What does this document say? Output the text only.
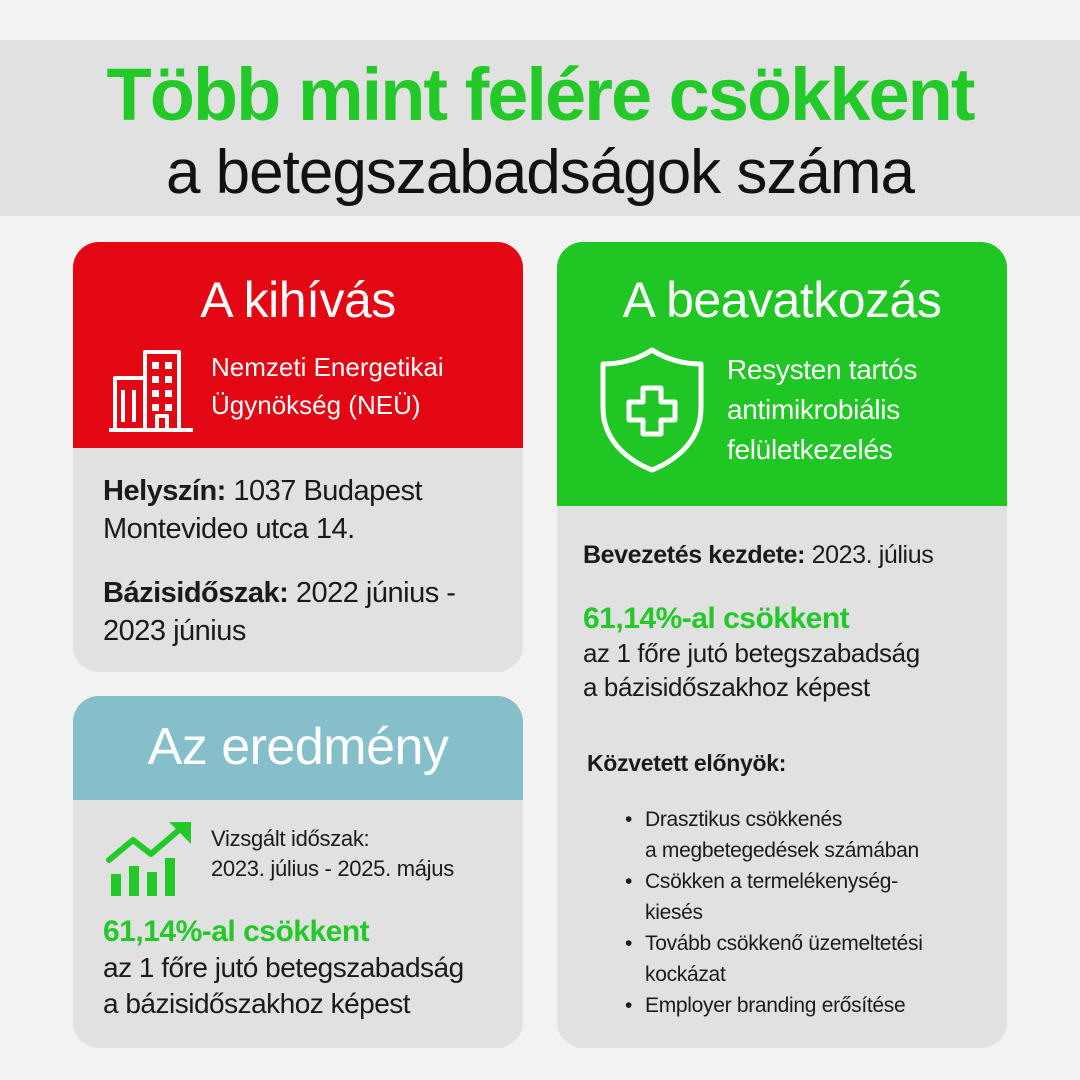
Több mint felére csökkent
a betegszabadságok száma
A kihívás
Nemzeti Energetikai
Ügynökség (NEÜ)
Helyszín: 1037 Budapest
Montevideo utca 14.
Bázisidőszak: 2022 június -
2023 június
Az eredmény
Vizsgált időszak:
2023. július - 2025. május
61,14%-al csökkent
az 1 főre jutó betegszabadság
a bázisidőszakhoz képest
A beavatkozás
Resysten tartós
antimikrobiális
felületkezelés
Bevezetés kezdete: 2023. július
61,14%-al csökkent
az 1 főre jutó betegszabadság
a bázisidőszakhoz képest
Közvetett előnyök:
• Drasztikus csökkenés
a megbetegedések számában
• Csökken a termelékenység-
kiesés
• Tovább csökkenő üzemeltetési
kockázat
• Employer branding erősítése
